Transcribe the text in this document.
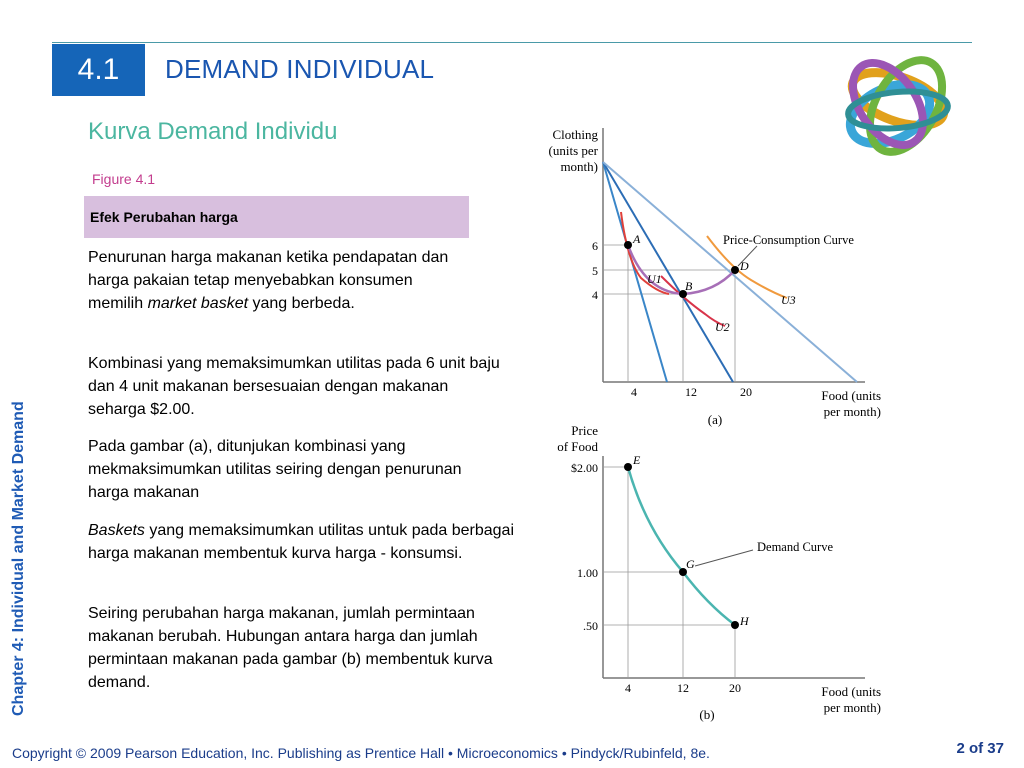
4.1	DEMAND INDIVIDUAL
Chapter 4: Individual and Market Demand
Kurva Demand Individu
Figure 4.1
Efek Perubahan harga
Penurunan harga makanan ketika pendapatan dan harga pakaian tetap menyebabkan konsumen memilih market basket yang berbeda.
Kombinasi yang memaksimumkan utilitas pada 6 unit baju dan 4 unit makanan bersesuaian dengan makanan seharga $2.00.
Pada gambar (a), ditunjukan kombinasi yang mekmaksimumkan utilitas seiring dengan penurunan harga makanan
Baskets yang memaksimumkan utilitas untuk pada berbagai harga makanan membentuk kurva harga - konsumsi.
Seiring perubahan harga makanan, jumlah permintaan makanan berubah. Hubungan antara harga dan jumlah permintaan makanan pada gambar (b) membentuk kurva demand.
Clothing
(units per
month)
Price-Consumption Curve
A
B
D
U1
U2
U3
6
5
4
4	12	20	Food (units
per month)
(a)
Price
of Food
Demand Curve
E
G
H
$2.00
1.00
.50
4	12	20	Food (units
per month)
(b)
Copyright © 2009 Pearson Education, Inc. Publishing as Prentice Hall • Microeconomics • Pindyck/Rubinfeld, 8e.	2 of 37
